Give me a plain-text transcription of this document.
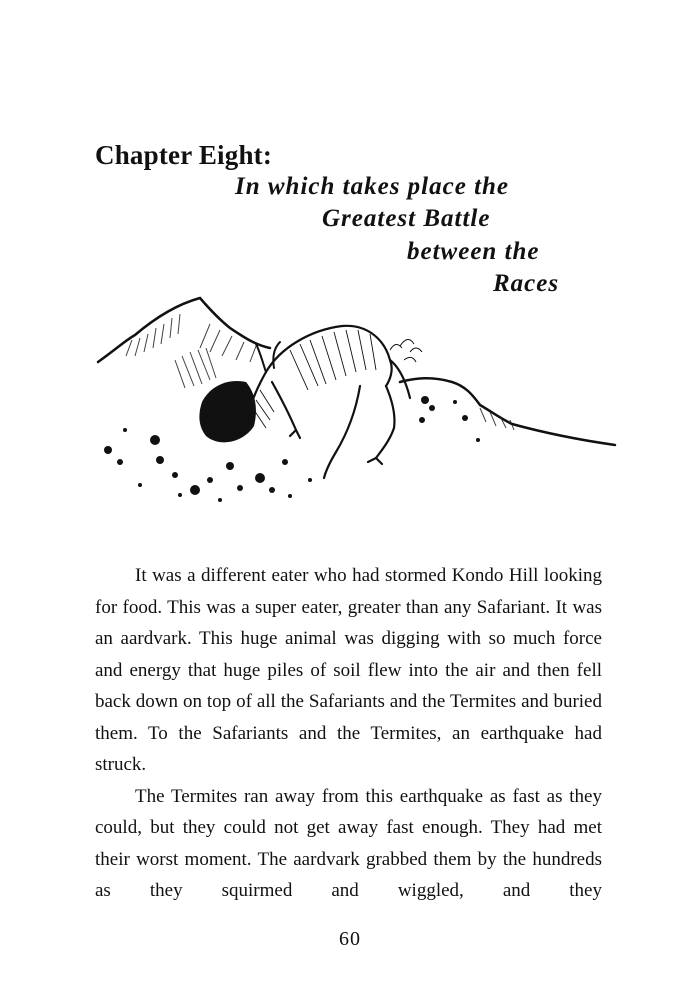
Chapter Eight:
In which takes place the
Greatest Battle
between the
Races

It was a different eater who had stormed Kondo Hill looking for food. This was a super eater, greater than any Safariant. It was an aardvark. This huge animal was digging with so much force and energy that huge piles of soil flew into the air and then fell back down on top of all the Safariants and the Termites and buried them. To the Safariants and the Termites, an earthquake had struck.

The Termites ran away from this earthquake as fast as they could, but they could not get away fast enough. They had met their worst moment. The aardvark grabbed them by the hundreds as they squirmed and wiggled, and they

60
